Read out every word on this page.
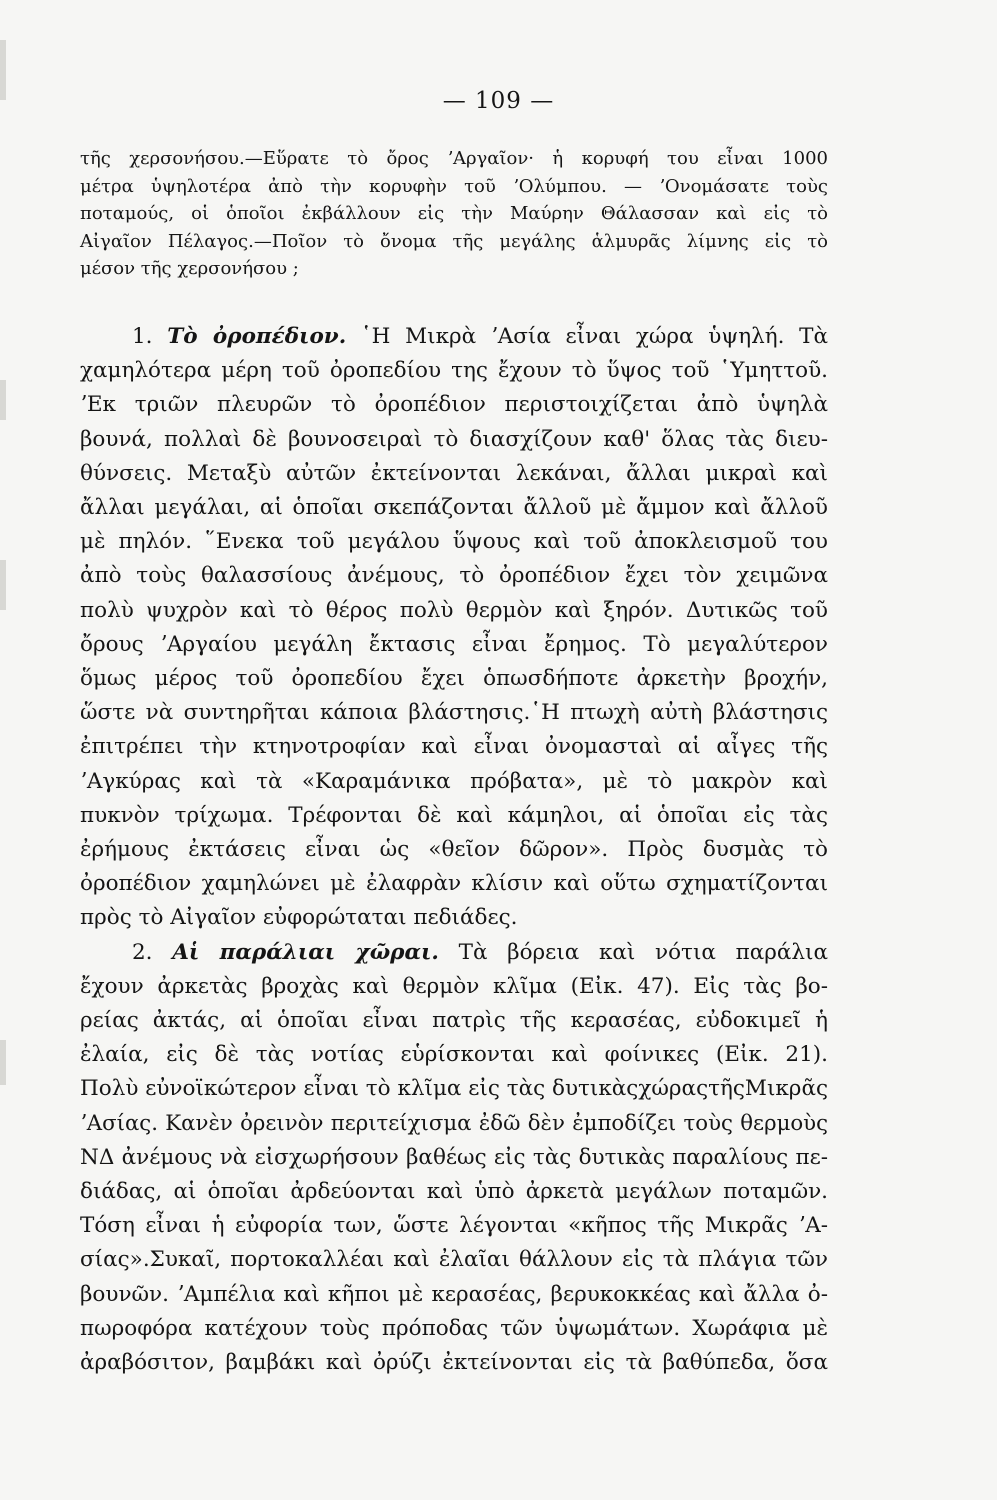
— 109 —
τῆς χερσονήσου.—Εὕρατε τὸ ὄρος ʼΑργαῖον· ἡ κορυφή του εἶναι 1000
μέτρα ὑψηλοτέρα ἀπὸ τὴν κορυφὴν τοῦ ʼΟλύμπου. — ʼΟνομάσατε τοὺς
ποταμούς, οἱ ὁποῖοι ἐκβάλλουν εἰς τὴν Μαύρην Θάλασσαν καὶ εἰς τὸ
Αἰγαῖον Πέλαγος.—Ποῖον τὸ ὄνομα τῆς μεγάλης ἁλμυρᾶς λίμνης εἰς τὸ
μέσον τῆς χερσονήσου ;
1. Τὸ ὀροπέδιον. ῾Η Μικρὰ ʼΑσία εἶναι χώρα ὑψηλή. Τὰ
χαμηλότερα μέρη τοῦ ὀροπεδίου της ἔχουν τὸ ὕψος τοῦ ῾Υμηττοῦ.
ʼΕκ τριῶν πλευρῶν τὸ ὀροπέδιον περιστοιχίζεται ἀπὸ ὑψηλὰ
βουνά, πολλαὶ δὲ βουνοσειραὶ τὸ διασχίζουν καθ' ὅλας τὰς διευ-
θύνσεις. Μεταξὺ αὐτῶν ἐκτείνονται λεκάναι, ἄλλαι μικραὶ καὶ
ἄλλαι μεγάλαι, αἱ ὁποῖαι σκεπάζονται ἄλλοῦ μὲ ἄμμον καὶ ἄλλοῦ
μὲ πηλόν. ῞Ενεκα τοῦ μεγάλου ὕψους καὶ τοῦ ἀποκλεισμοῦ του
ἀπὸ τοὺς θαλασσίους ἀνέμους, τὸ ὀροπέδιον ἔχει τὸν χειμῶνα
πολὺ ψυχρὸν καὶ τὸ θέρος πολὺ θερμὸν καὶ ξηρόν. Δυτικῶς τοῦ
ὄρους ʼΑργαίου μεγάλη ἔκτασις εἶναι ἔρημος. Τὸ μεγαλύτερον
ὅμως μέρος τοῦ ὀροπεδίου ἔχει ὁπωσδήποτε ἀρκετὴν βροχήν,
ὥστε νὰ συντηρῆται κάποια βλάστησις.῾Η πτωχὴ αὐτὴ βλάστησις
ἐπιτρέπει τὴν κτηνοτροφίαν καὶ εἶναι ὀνομασταὶ αἱ αἶγες τῆς
ʼΑγκύρας καὶ τὰ «Καραμάνικα πρόβατα», μὲ τὸ μακρὸν καὶ
πυκνὸν τρίχωμα. Τρέφονται δὲ καὶ κάμηλοι, αἱ ὁποῖαι εἰς τὰς
ἐρήμους ἐκτάσεις εἶναι ὡς «θεῖον δῶρον». Πρὸς δυσμὰς τὸ
ὀροπέδιον χαμηλώνει μὲ ἐλαφρὰν κλίσιν καὶ οὕτω σχηματίζονται
πρὸς τὸ Αἰγαῖον εὐφορώταται πεδιάδες.
2. Αἱ παράλιαι χῶραι. Τὰ βόρεια καὶ νότια παράλια
ἔχουν ἀρκετὰς βροχὰς καὶ θερμὸν κλῖμα (Εἰκ. 47). Εἰς τὰς βο-
ρείας ἀκτάς, αἱ ὁποῖαι εἶναι πατρὶς τῆς κερασέας, εὐδοκιμεῖ ἡ
ἐλαία, εἰς δὲ τὰς νοτίας εὑρίσκονται καὶ φοίνικες (Εἰκ. 21).
Πολὺ εὐνοϊκώτερον εἶναι τὸ κλῖμα εἰς τὰς δυτικὰςχώραςτῆςΜικρᾶς
ʼΑσίας. Κανὲν ὀρεινὸν περιτείχισμα ἐδῶ δὲν ἐμποδίζει τοὺς θερμοὺς
ΝΔ ἀνέμους νὰ εἰσχωρήσουν βαθέως εἰς τὰς δυτικὰς παραλίους πε-
διάδας, αἱ ὁποῖαι ἀρδεύονται καὶ ὑπὸ ἀρκετὰ μεγάλων ποταμῶν.
Τόση εἶναι ἡ εὐφορία των, ὥστε λέγονται «κῆπος τῆς Μικρᾶς ʼΑ-
σίας».Συκαῖ, πορτοκαλλέαι καὶ ἐλαῖαι θάλλουν εἰς τὰ πλάγια τῶν
βουνῶν. ʼΑμπέλια καὶ κῆποι μὲ κερασέας, βερυκοκκέας καὶ ἄλλα ὀ-
πωροφόρα κατέχουν τοὺς πρόποδας τῶν ὑψωμάτων. Χωράφια μὲ
ἀραβόσιτον, βαμβάκι καὶ ὀρύζι ἐκτείνονται εἰς τὰ βαθύπεδα, ὅσα
